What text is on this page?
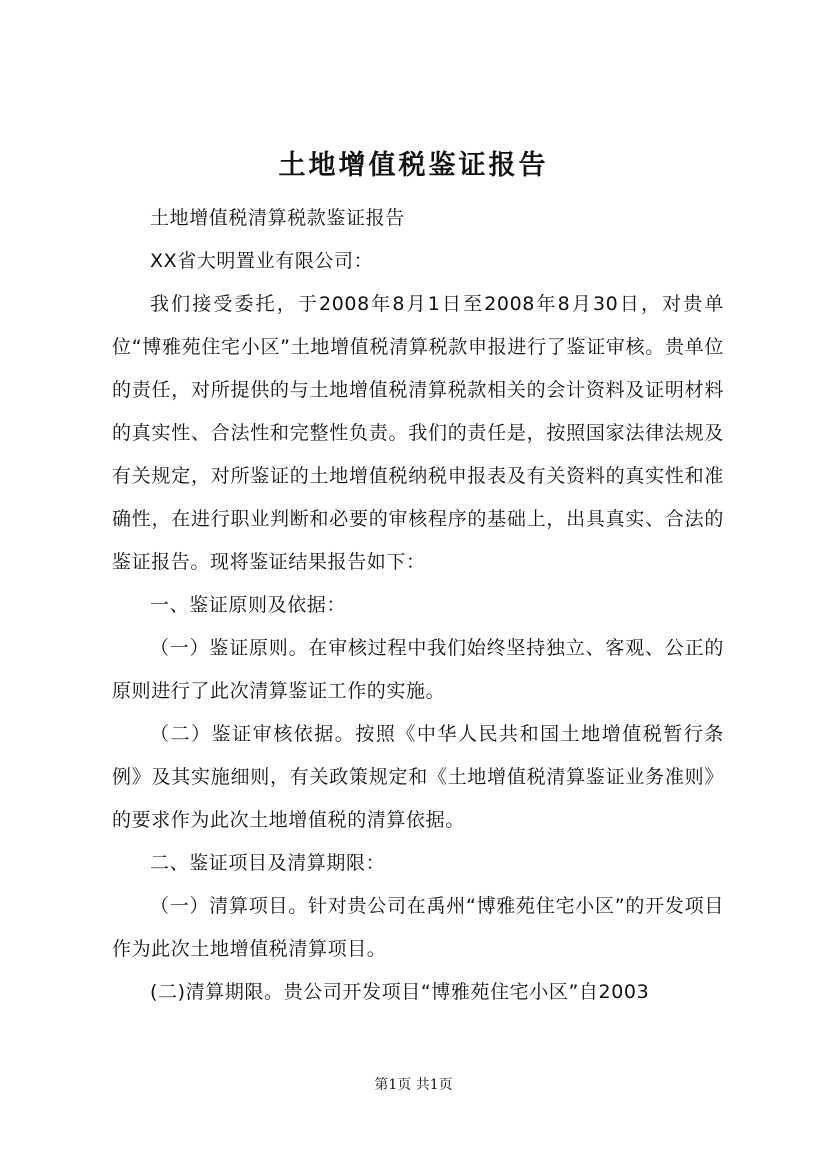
土地增值税鉴证报告

土地增值税清算税款鉴证报告

XX省大明置业有限公司：

我们接受委托，于2008年8月1日至2008年8月30日，对贵单位“博雅苑住宅小区”土地增值税清算税款申报进行了鉴证审核。贵单位的责任，对所提供的与土地增值税清算税款相关的会计资料及证明材料的真实性、合法性和完整性负责。我们的责任是，按照国家法律法规及有关规定，对所鉴证的土地增值税纳税申报表及有关资料的真实性和准确性，在进行职业判断和必要的审核程序的基础上，出具真实、合法的鉴证报告。现将鉴证结果报告如下：

一、鉴证原则及依据：

（一）鉴证原则。在审核过程中我们始终坚持独立、客观、公正的原则进行了此次清算鉴证工作的实施。

（二）鉴证审核依据。按照《中华人民共和国土地增值税暂行条例》及其实施细则，有关政策规定和《土地增值税清算鉴证业务准则》的要求作为此次土地增值税的清算依据。

二、鉴证项目及清算期限：

（一）清算项目。针对贵公司在禹州“博雅苑住宅小区”的开发项目作为此次土地增值税清算项目。

(二)清算期限。贵公司开发项目“博雅苑住宅小区”自2003

第1页 共1页
